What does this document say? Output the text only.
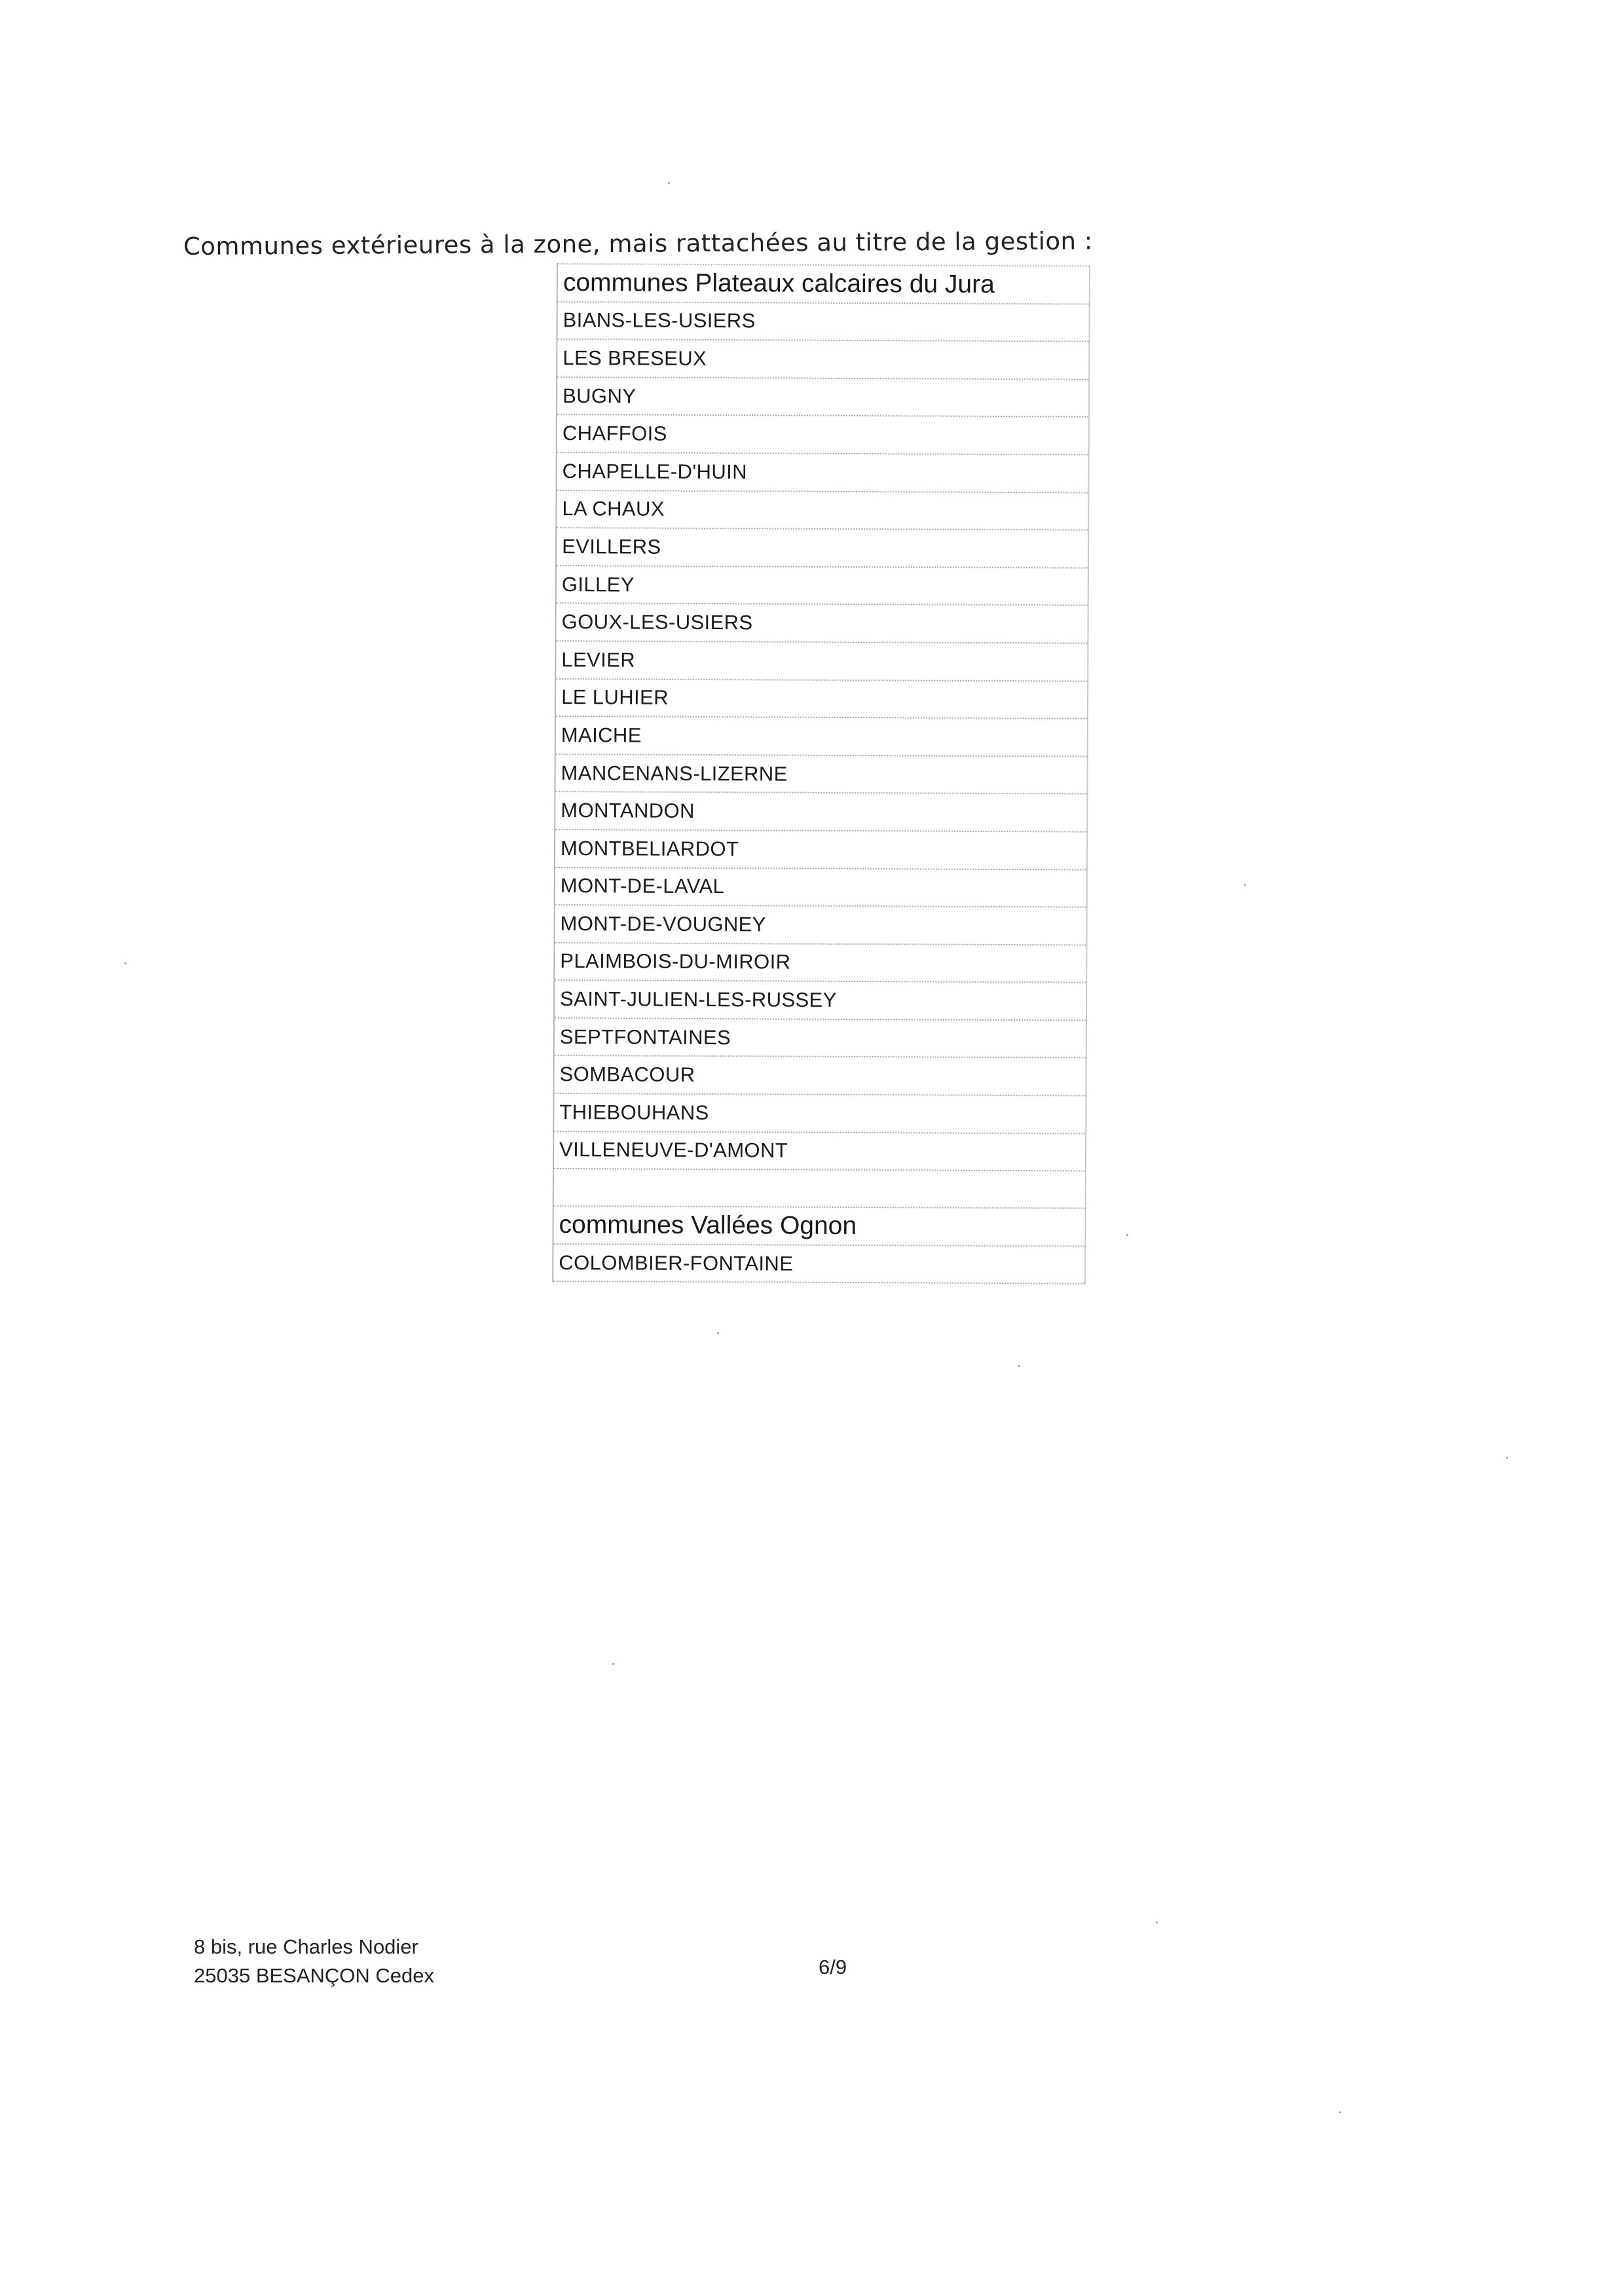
Communes extérieures à la zone, mais rattachées au titre de la gestion :
communes Plateaux calcaires du Jura
BIANS-LES-USIERS
LES BRESEUX
BUGNY
CHAFFOIS
CHAPELLE-D'HUIN
LA CHAUX
EVILLERS
GILLEY
GOUX-LES-USIERS
LEVIER
LE LUHIER
MAICHE
MANCENANS-LIZERNE
MONTANDON
MONTBELIARDOT
MONT-DE-LAVAL
MONT-DE-VOUGNEY
PLAIMBOIS-DU-MIROIR
SAINT-JULIEN-LES-RUSSEY
SEPTFONTAINES
SOMBACOUR
THIEBOUHANS
VILLENEUVE-D'AMONT

communes Vallées Ognon
COLOMBIER-FONTAINE
8 bis, rue Charles Nodier
25035 BESANÇON Cedex	6/9
